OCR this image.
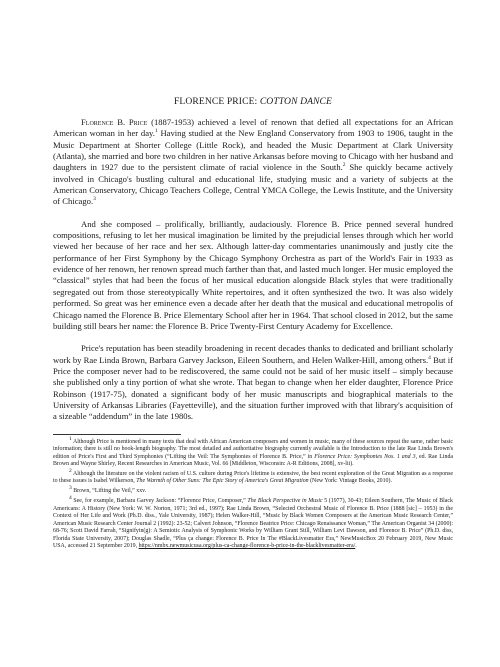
FLORENCE PRICE: COTTON DANCE

Florence B. Price (1887-1953) achieved a level of renown that defied all expectations for an African American woman in her day.$^1$ Having studied at the New England Conservatory from 1903 to 1906, taught in the Music Department at Shorter College (Little Rock), and headed the Music Department at Clark University (Atlanta), she married and bore two children in her native Arkansas before moving to Chicago with her husband and daughters in 1927 due to the persistent climate of racial violence in the South.$^2$ She quickly became actively involved in Chicago's bustling cultural and educational life, studying music and a variety of subjects at the American Conservatory, Chicago Teachers College, Central YMCA College, the Lewis Institute, and the University of Chicago.$^3$

And she composed – prolifically, brilliantly, audaciously. Florence B. Price penned several hundred compositions, refusing to let her musical imagination be limited by the prejudicial lenses through which her world viewed her because of her race and her sex. Although latter-day commentaries unanimously and justly cite the performance of her First Symphony by the Chicago Symphony Orchestra as part of the World's Fair in 1933 as evidence of her renown, her renown spread much farther than that, and lasted much longer. Her music employed the “classical” styles that had been the focus of her musical education alongside Black styles that were traditionally segregated out from those stereotypically White repertoires, and it often synthesized the two. It was also widely performed. So great was her eminence even a decade after her death that the musical and educational metropolis of Chicago named the Florence B. Price Elementary School after her in 1964. That school closed in 2012, but the same building still bears her name: the Florence B. Price Twenty-First Century Academy for Excellence.

Price's reputation has been steadily broadening in recent decades thanks to dedicated and brilliant scholarly work by Rae Linda Brown, Barbara Garvey Jackson, Eileen Southern, and Helen Walker-Hill, among others.$^4$ But if Price the composer never had to be rediscovered, the same could not be said of her music itself – simply because she published only a tiny portion of what she wrote. That began to change when her elder daughter, Florence Price Robinson (1917-75), donated a significant body of her music manuscripts and biographical materials to the University of Arkansas Libraries (Fayetteville), and the situation further improved with that library's acquisition of a sizeable “addendum” in the late 1980s.

$^1$ Although Price is mentioned in many texts that deal with African American composers and women in music, many of these sources repeat the same, rather basic information; there is still no book-length biography. The most detailed and authoritative biography currently available is the Introduction to the late Rae Linda Brown's edition of Price's First and Third Symphonies (“Lifting the Veil: The Symphonies of Florence B. Price,” in Florence Price: Symphonies Nos. 1 and 3, ed. Rae Linda Brown and Wayne Shirley, Recent Researches in American Music, Vol. 66 [Middleton, Wisconsin: A-R Editions, 2008], xv-lii).

$^2$ Although the literature on the violent racism of U.S. culture during Price's lifetime is extensive, the best recent exploration of the Great Migration as a response to these issues is Isabel Wilkerson, The Warmth of Other Suns: The Epic Story of America's Great Migration (New York: Vintage Books, 2010).

$^3$ Brown, “Lifting the Veil,” xxv.

$^4$ See, for example, Barbara Garvey Jackson: “Florence Price, Composer,” The Black Perspective in Music 5 (1977), 30-43; Eileen Southern, The Music of Black Americans: A History (New York: W. W. Norton, 1971; 3rd ed., 1997); Rae Linda Brown, “Selected Orchestral Music of Florence B. Price (1888 [sic] – 1953) in the Context of Her Life and Work (Ph.D. diss., Yale University, 1987); Helen Walker-Hill, “Music by Black Women Composers at the American Music Research Center,” American Music Research Center Journal 2 (1992): 23-52; Calvert Johnson, “Florence Beatrice Price: Chicago Renaissance Woman,” The American Organist 34 (2000): 68-76; Scott David Farrah, “Signifyin(g): A Semiotic Analysis of Symphonic Works by William Grant Still, William Levi Dawson, and Florence B. Price” (Ph.D. diss, Florida State University, 2007); Douglas Shadle, “Plus ça change: Florence B. Price In The #BlackLivesmatter Era,” NewMusicBox 20 February 2019, New Music USA, accessed 21 September 2019, https://nmbx.newmusicusa.org/plus-ca-change-florence-b-price-in-the-blacklivesmatter-era/.
